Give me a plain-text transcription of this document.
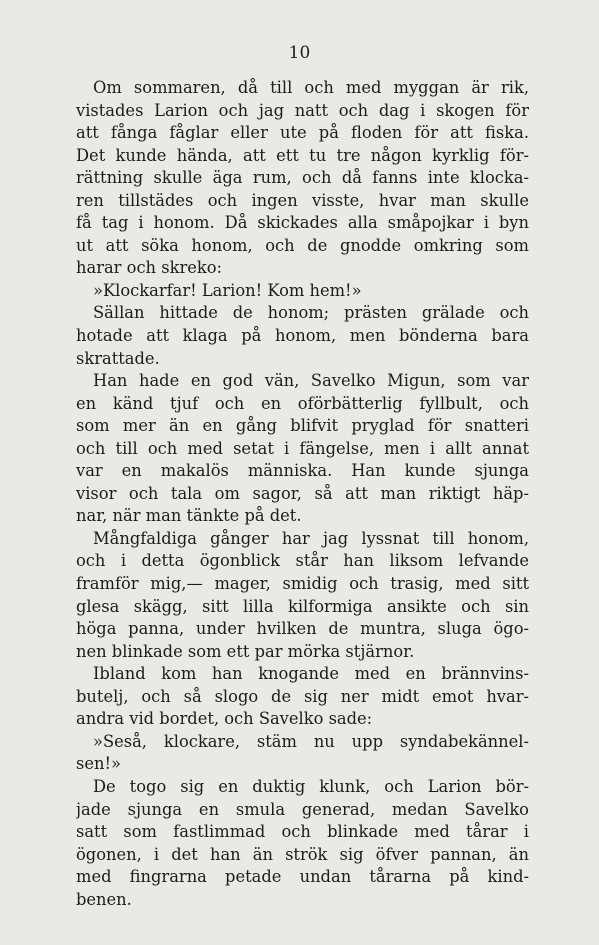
10
Om sommaren, då till och med myggan är rik,
vistades Larion och jag natt och dag i skogen för
att fånga fåglar eller ute på floden för att fiska.
Det kunde hända, att ett tu tre någon kyrklig för-
rättning skulle äga rum, och då fanns inte klocka-
ren tillstädes och ingen visste, hvar man skulle
få tag i honom. Då skickades alla småpojkar i byn
ut att söka honom, och de gnodde omkring som
harar och skreko:
»Klockarfar! Larion! Kom hem!»
Sällan hittade de honom; prästen grälade och
hotade att klaga på honom, men bönderna bara
skrattade.
Han hade en god vän, Savelko Migun, som var
en känd tjuf och en oförbätterlig fyllbult, och
som mer än en gång blifvit pryglad för snatteri
och till och med setat i fängelse, men i allt annat
var en makalös människa. Han kunde sjunga
visor och tala om sagor, så att man riktigt häp-
nar, när man tänkte på det.
Mångfaldiga gånger har jag lyssnat till honom,
och i detta ögonblick står han liksom lefvande
framför mig,— mager, smidig och trasig, med sitt
glesa skägg, sitt lilla kilformiga ansikte och sin
höga panna, under hvilken de muntra, sluga ögo-
nen blinkade som ett par mörka stjärnor.
Ibland kom han knogande med en brännvins-
butelj, och så slogo de sig ner midt emot hvar-
andra vid bordet, och Savelko sade:
»Seså, klockare, stäm nu upp syndabekännel-
sen!»
De togo sig en duktig klunk, och Larion bör-
jade sjunga en smula generad, medan Savelko
satt som fastlimmad och blinkade med tårar i
ögonen, i det han än strök sig öfver pannan, än
med fingrarna petade undan tårarna på kind-
benen.
